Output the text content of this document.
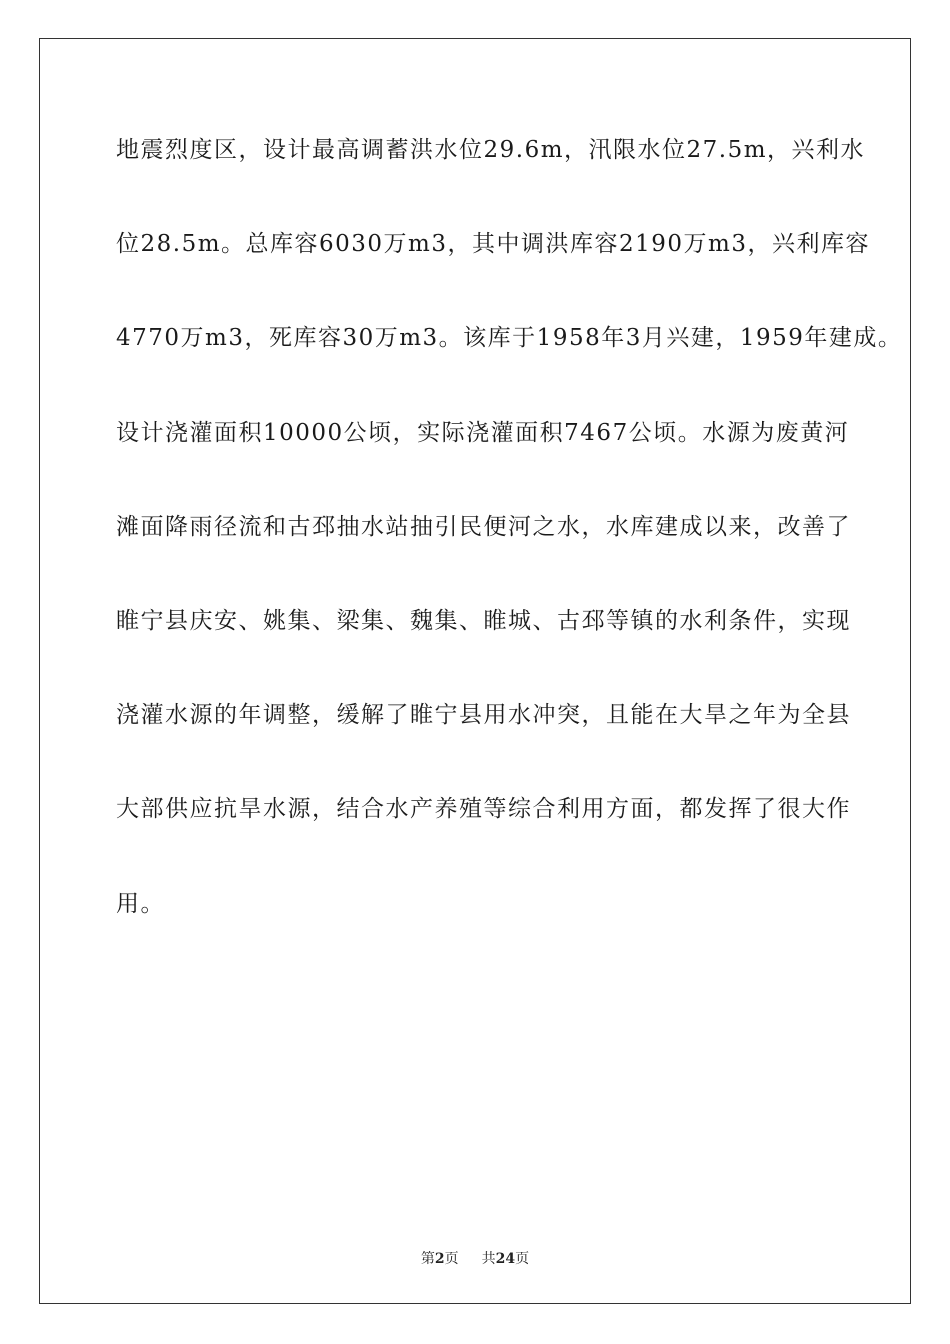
地震烈度区，设计最高调蓄洪水位29.6m，汛限水位27.5m，兴利水
位28.5m。总库容6030万m3，其中调洪库容2190万m3，兴利库容
4770万m3，死库容30万m3。该库于1958年3月兴建，1959年建成。
设计浇灌面积10000公顷，实际浇灌面积7467公顷。水源为废黄河
滩面降雨径流和古邳抽水站抽引民便河之水，水库建成以来，改善了
睢宁县庆安、姚集、梁集、魏集、睢城、古邳等镇的水利条件，实现
浇灌水源的年调整，缓解了睢宁县用水冲突，且能在大旱之年为全县
大部供应抗旱水源，结合水产养殖等综合利用方面，都发挥了很大作
用。
第2页 共24页
